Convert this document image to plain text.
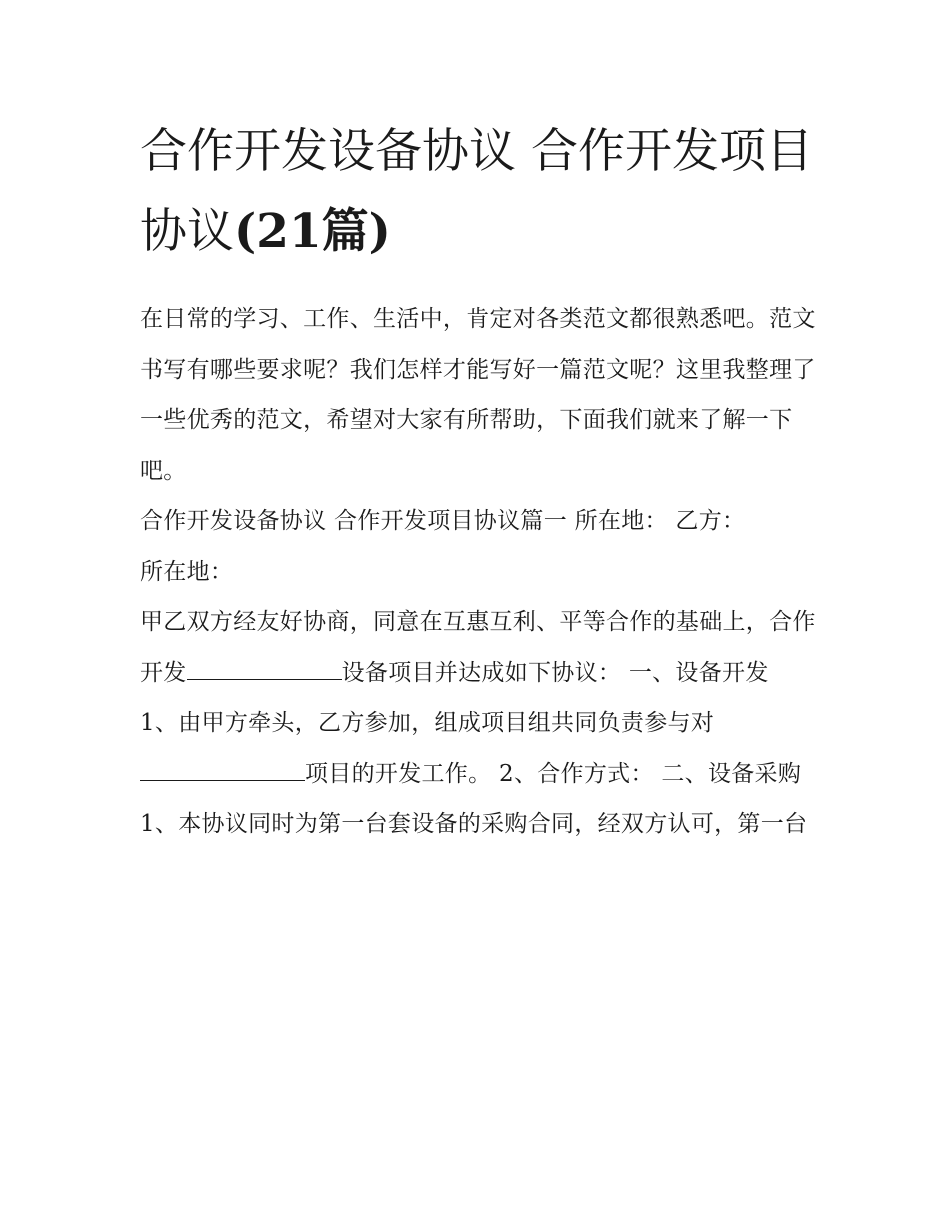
合作开发设备协议 合作开发项目协议(21篇)

在日常的学习、工作、生活中，肯定对各类范文都很熟悉吧。范文书写有哪些要求呢？我们怎样才能写好一篇范文呢？这里我整理了一些优秀的范文，希望对大家有所帮助，下面我们就来了解一下吧。

合作开发设备协议 合作开发项目协议篇一 所在地： 乙方：

所在地：

甲乙双方经友好协商，同意在互惠互利、平等合作的基础上，合作开发	设备项目并达成如下协议： 一、设备开发

1、由甲方牵头，乙方参加，组成项目组共同负责参与对项目的开发工作。 2、合作方式： 二、设备采购

1、本协议同时为第一台套设备的采购合同，经双方认可，第一台
